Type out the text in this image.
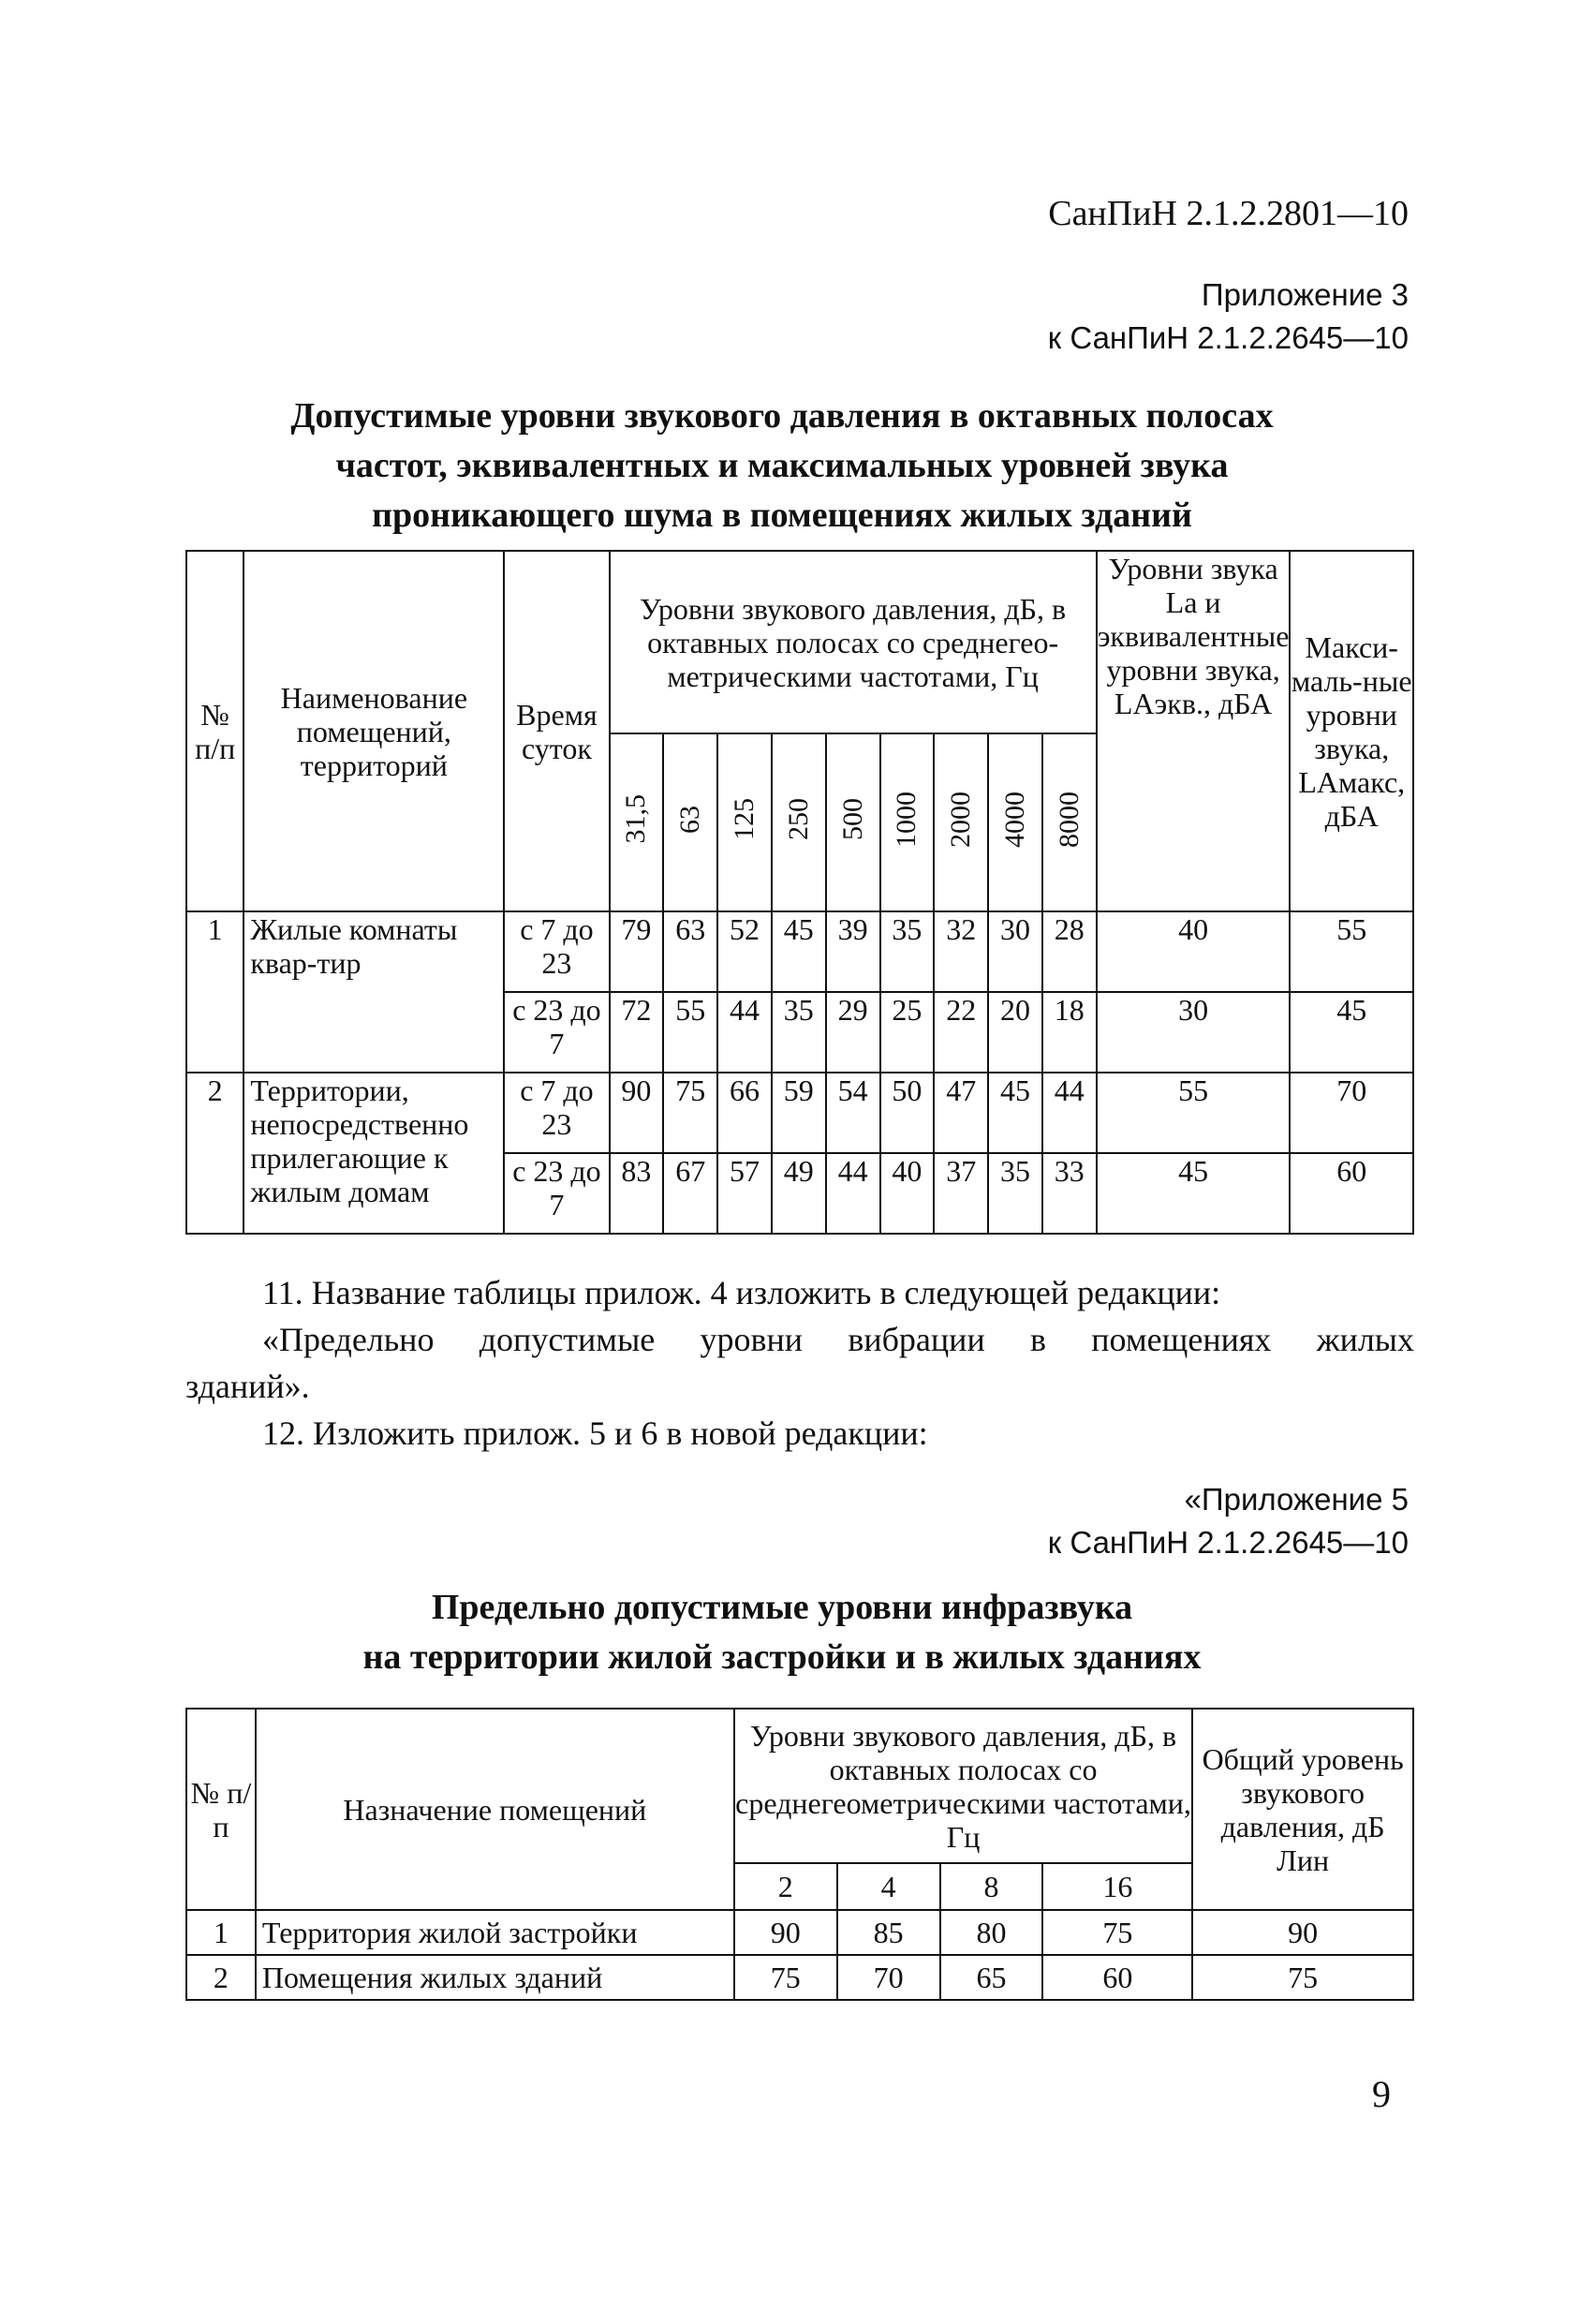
СанПиН 2.1.2.2801—10
Приложение 3
к СанПиН 2.1.2.2645—10
Допустимые уровни звукового давления в октавных полосах
частот, эквивалентных и максимальных уровней звука
проникающего шума в помещениях жилых зданий
№ п/п	Наименование помещений, территорий	Время суток	Уровни звукового давления, дБ, в октавных полосах со среднегео-метрическими частотами, Гц									Уровни звука La и эквивалентные уровни звука, LАэкв., дБА	Макси-маль-ные уровни звука, LАмакс, дБА
			31,5	63	125	250	500	1000	2000	4000	8000		
1	Жилые комнаты квар-тир	с 7 до 23	79	63	52	45	39	35	32	30	28	40	55
		с 23 до 7	72	55	44	35	29	25	22	20	18	30	45
2	Территории, непосредственно прилегающие к жилым домам	с 7 до 23	90	75	66	59	54	50	47	45	44	55	70
		с 23 до 7	83	67	57	49	44	40	37	35	33	45	60
11. Название таблицы прилож. 4 изложить в следующей редакции:
«Предельно допустимые уровни вибрации в помещениях жилых
зданий».
12. Изложить прилож. 5 и 6 в новой редакции:
«Приложение 5
к СанПиН 2.1.2.2645—10
Предельно допустимые уровни инфразвука
на территории жилой застройки и в жилых зданиях
№ п/п	Назначение помещений	Уровни звукового давления, дБ, в октавных полосах со среднегеометрическими частотами, Гц				Общий уровень звукового давления, дБ Лин
		2	4	8	16	
1	Территория жилой застройки	90	85	80	75	90
2	Помещения жилых зданий	75	70	65	60	75
9
